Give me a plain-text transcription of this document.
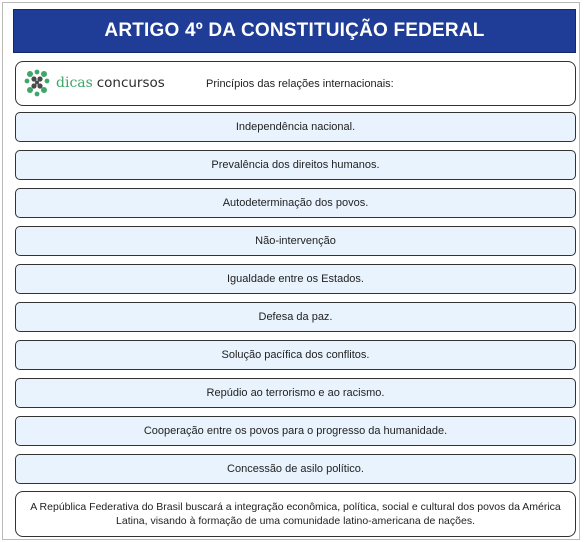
ARTIGO 4º DA CONSTITUIÇÃO FEDERAL
dicas concursos	Princípios das relações internacionais:
Independência nacional.
Prevalência dos direitos humanos.
Autodeterminação dos povos.
Não-intervenção
Igualdade entre os Estados.
Defesa da paz.
Solução pacífica dos conflitos.
Repúdio ao terrorismo e ao racismo.
Cooperação entre os povos para o progresso da humanidade.
Concessão de asilo político.
A República Federativa do Brasil buscará a integração econômica, política, social e cultural dos povos da América Latina, visando à formação de uma comunidade latino-americana de nações.
